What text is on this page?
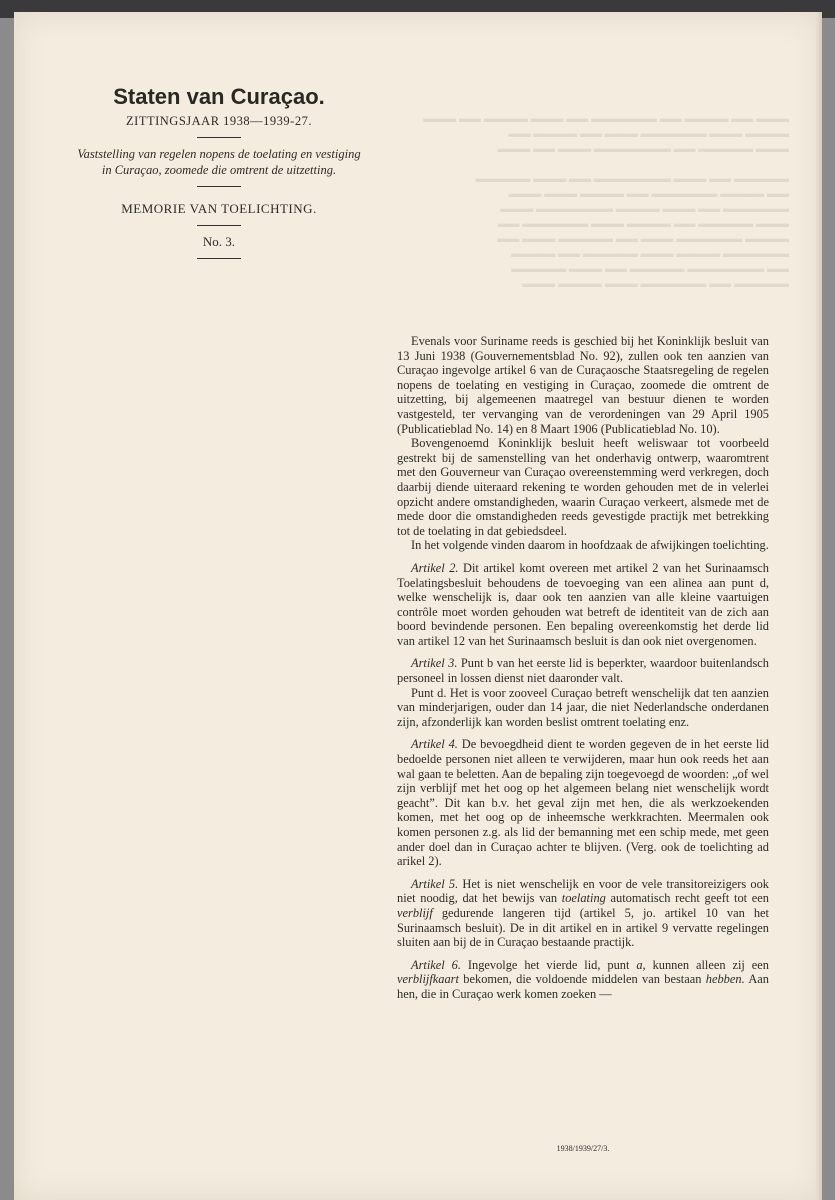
▬▬▬ ▬▬ ▬▬▬▬ ▬▬ ▬▬▬▬▬▬ ▬▬ ▬▬▬ ▬▬▬▬ ▬▬ ▬▬▬
▬▬▬▬ ▬▬▬ ▬▬▬▬▬▬ ▬▬▬ ▬▬ ▬▬▬▬ ▬▬
▬▬▬ ▬▬▬▬▬ ▬▬ ▬▬▬▬▬▬▬ ▬▬▬ ▬▬ ▬▬▬

▬▬▬▬▬ ▬▬ ▬▬▬ ▬▬▬▬▬▬▬ ▬▬ ▬▬▬ ▬▬▬▬▬
▬▬ ▬▬▬▬ ▬▬▬▬▬▬ ▬▬ ▬▬▬▬ ▬▬▬ ▬▬▬
▬▬▬▬▬▬ ▬▬ ▬▬▬ ▬▬▬▬ ▬▬▬▬▬▬▬ ▬▬▬
▬▬▬ ▬▬▬▬▬ ▬▬ ▬▬▬▬ ▬▬▬ ▬▬▬▬▬▬ ▬▬
▬▬▬▬ ▬▬▬▬▬▬ ▬▬▬ ▬▬ ▬▬▬▬▬ ▬▬▬ ▬▬
▬▬▬▬▬▬ ▬▬▬▬ ▬▬▬ ▬▬▬▬▬ ▬▬ ▬▬▬▬
▬▬ ▬▬▬▬▬▬▬ ▬▬▬▬▬ ▬▬ ▬▬▬ ▬▬▬▬▬
▬▬▬▬▬ ▬▬ ▬▬▬▬▬▬ ▬▬▬ ▬▬▬▬ ▬▬▬
Staten van Curaçao.
ZITTINGSJAAR 1938—1939-27.

Vaststelling van regelen nopens de toelating en vestiging in Curaçao, zoomede die omtrent de uitzetting.

MEMORIE VAN TOELICHTING.
No. 3.

Evenals voor Suriname reeds is geschied bij het Koninklijk besluit van 13 Juni 1938 (Gouvernementsblad No. 92), zullen ook ten aanzien van Curaçao ingevolge artikel 6 van de Curaçaosche Staatsregeling de regelen nopens de toelating en vestiging in Curaçao, zoomede die omtrent de uitzetting, bij algemeenen maatregel van bestuur dienen te worden vastgesteld, ter vervanging van de verordeningen van 29 April 1905 (Publicatieblad No. 14) en 8 Maart 1906 (Publicatieblad No. 10).

Bovengenoemd Koninklijk besluit heeft weliswaar tot voorbeeld gestrekt bij de samenstelling van het onderhavig ontwerp, waaromtrent met den Gouverneur van Curaçao overeenstemming werd verkregen, doch daarbij diende uiteraard rekening te worden gehouden met de in velerlei opzicht andere omstandigheden, waarin Curaçao verkeert, alsmede met de mede door die omstandigheden reeds gevestigde practijk met betrekking tot de toelating in dat gebiedsdeel.

In het volgende vinden daarom in hoofdzaak de afwijkingen toelichting.

Artikel 2. Dit artikel komt overeen met artikel 2 van het Surinaamsch Toelatingsbesluit behoudens de toevoeging van een alinea aan punt d, welke wenschelijk is, daar ook ten aanzien van alle kleine vaartuigen contrôle moet worden gehouden wat betreft de identiteit van de zich aan boord bevindende personen. Een bepaling overeenkomstig het derde lid van artikel 12 van het Surinaamsch besluit is dan ook niet overgenomen.

Artikel 3. Punt b van het eerste lid is beperkter, waardoor buitenlandsch personeel in lossen dienst niet daaronder valt.

Punt d. Het is voor zooveel Curaçao betreft wenschelijk dat ten aanzien van minderjarigen, ouder dan 14 jaar, die niet Nederlandsche onderdanen zijn, afzonderlijk kan worden beslist omtrent toelating enz.

Artikel 4. De bevoegdheid dient te worden gegeven de in het eerste lid bedoelde personen niet alleen te verwijderen, maar hun ook reeds het aan wal gaan te beletten. Aan de bepaling zijn toegevoegd de woorden: „of wel zijn verblijf met het oog op het algemeen belang niet wenschelijk wordt geacht”. Dit kan b.v. het geval zijn met hen, die als werkzoekenden komen, met het oog op de inheemsche werkkrachten. Meermalen ook komen personen z.g. als lid der bemanning met een schip mede, met geen ander doel dan in Curaçao achter te blijven. (Verg. ook de toelichting ad arikel 2).

Artikel 5. Het is niet wenschelijk en voor de vele transitoreizigers ook niet noodig, dat het bewijs van toelating automatisch recht geeft tot een verblijf gedurende langeren tijd (artikel 5, jo. artikel 10 van het Surinaamsch besluit). De in dit artikel en in artikel 9 vervatte regelingen sluiten aan bij de in Curaçao bestaande practijk.

Artikel 6. Ingevolge het vierde lid, punt a, kunnen alleen zij een verblijfkaart bekomen, die voldoende middelen van bestaan hebben. Aan hen, die in Curaçao werk komen zoeken —

1938/1939/27/3.
